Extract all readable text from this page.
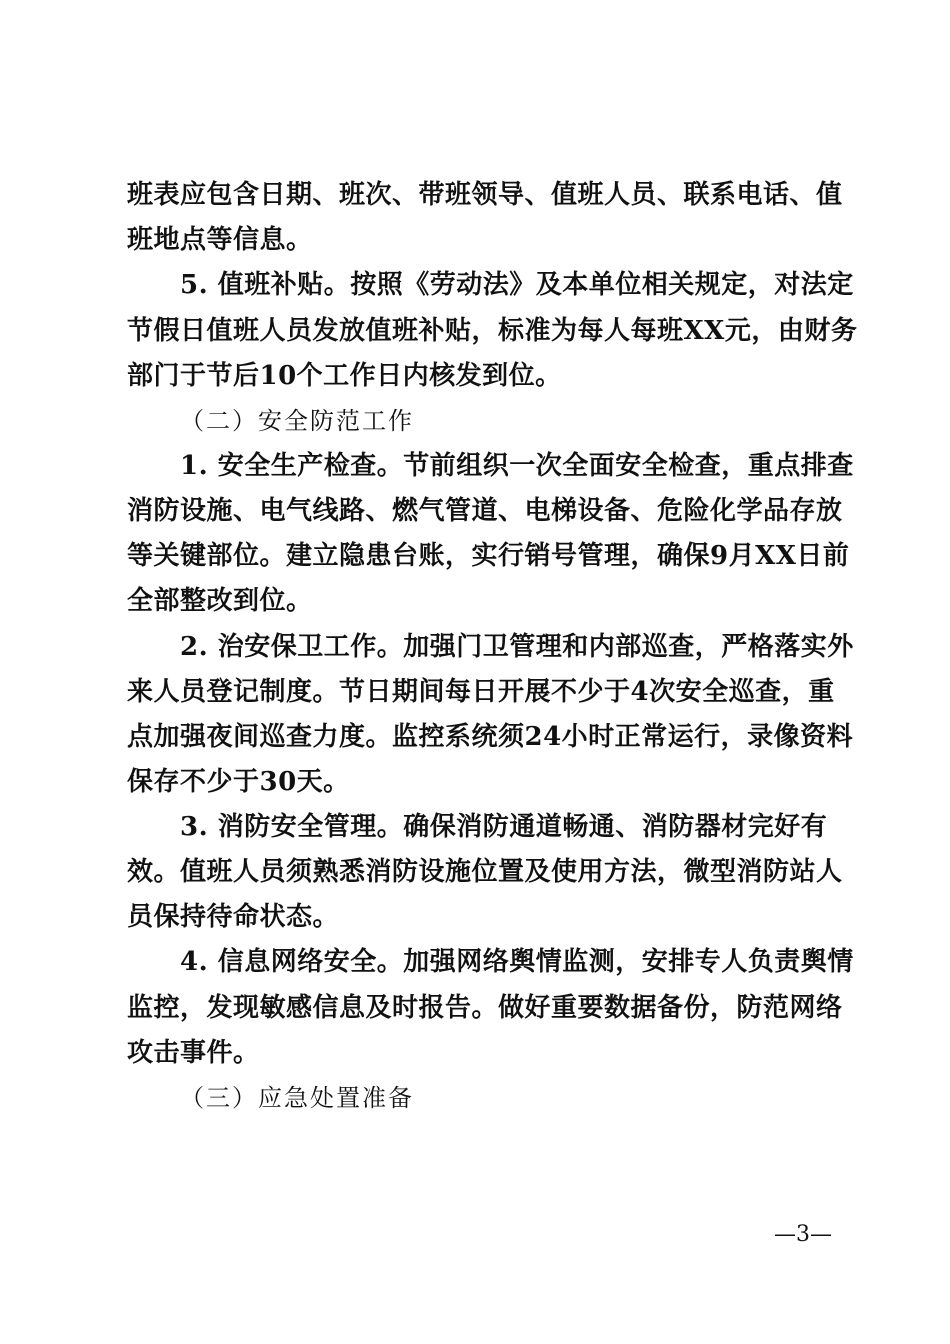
班表应包含日期、班次、带班领导、值班人员、联系电话、值
班地点等信息。
5. 值班补贴。按照《劳动法》及本单位相关规定，对法定
节假日值班人员发放值班补贴，标准为每人每班XX元，由财务
部门于节后10个工作日内核发到位。
（二）安全防范工作
1. 安全生产检查。节前组织一次全面安全检查，重点排查
消防设施、电气线路、燃气管道、电梯设备、危险化学品存放
等关键部位。建立隐患台账，实行销号管理，确保9月XX日前
全部整改到位。
2. 治安保卫工作。加强门卫管理和内部巡查，严格落实外
来人员登记制度。节日期间每日开展不少于4次安全巡查，重
点加强夜间巡查力度。监控系统须24小时正常运行，录像资料
保存不少于30天。
3. 消防安全管理。确保消防通道畅通、消防器材完好有
效。值班人员须熟悉消防设施位置及使用方法，微型消防站人
员保持待命状态。
4. 信息网络安全。加强网络舆情监测，安排专人负责舆情
监控，发现敏感信息及时报告。做好重要数据备份，防范网络
攻击事件。
（三）应急处置准备
—3—
